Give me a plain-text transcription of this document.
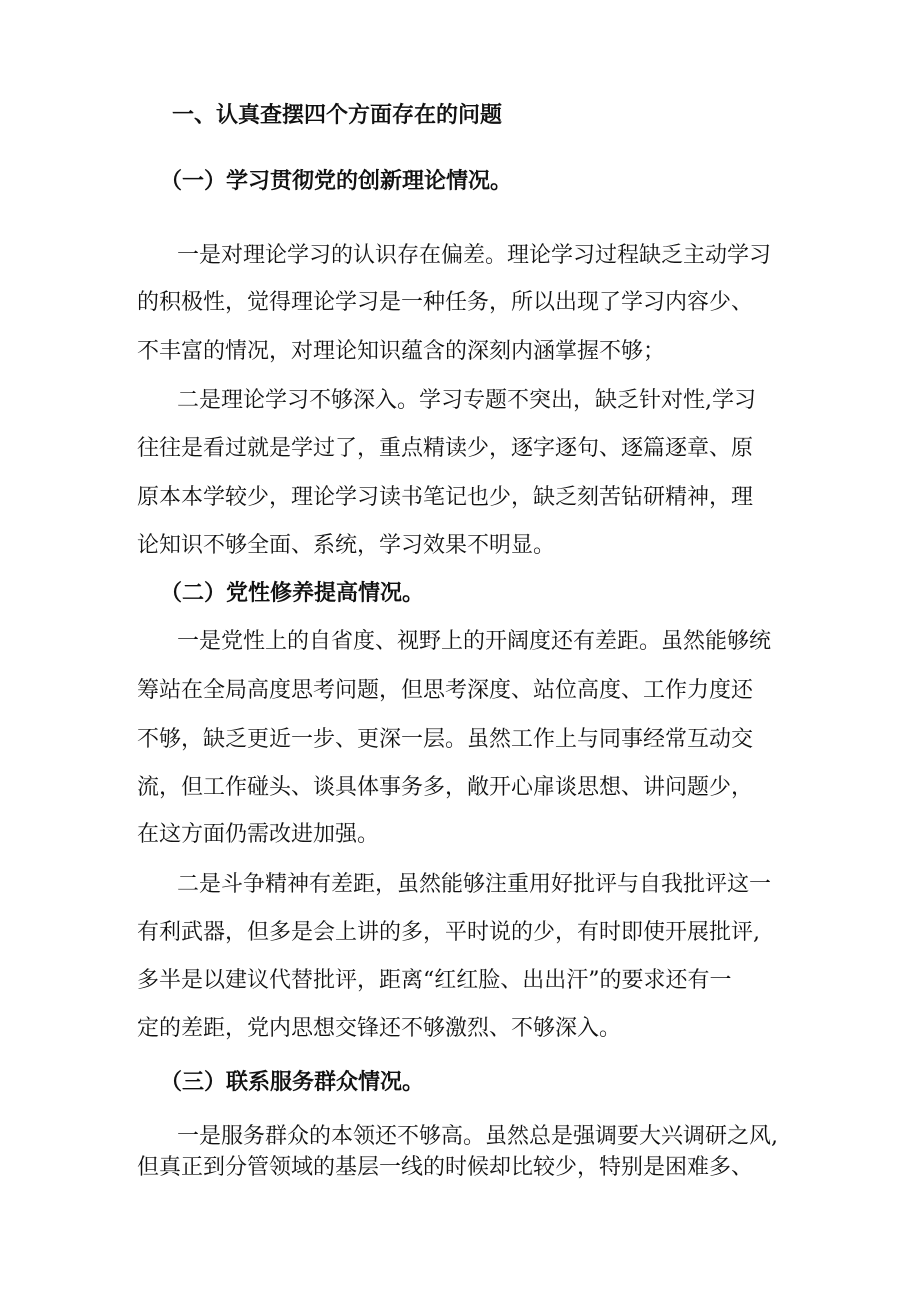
一、认真查摆四个方面存在的问题
（一）学习贯彻党的创新理论情况。
一是对理论学习的认识存在偏差。理论学习过程缺乏主动学习
的积极性，觉得理论学习是一种任务，所以出现了学习内容少、
不丰富的情况，对理论知识蕴含的深刻内涵掌握不够；
二是理论学习不够深入。学习专题不突出，缺乏针对性,学习
往往是看过就是学过了，重点精读少，逐字逐句、逐篇逐章、原
原本本学较少，理论学习读书笔记也少，缺乏刻苦钻研精神，理
论知识不够全面、系统，学习效果不明显。
（二）党性修养提高情况。
一是党性上的自省度、视野上的开阔度还有差距。虽然能够统
筹站在全局高度思考问题，但思考深度、站位高度、工作力度还
不够，缺乏更近一步、更深一层。虽然工作上与同事经常互动交
流，但工作碰头、谈具体事务多，敞开心扉谈思想、讲问题少，
在这方面仍需改进加强。
二是斗争精神有差距，虽然能够注重用好批评与自我批评这一
有利武器，但多是会上讲的多，平时说的少，有时即使开展批评,
多半是以建议代替批评，距离“红红脸、出出汗”的要求还有一
定的差距，党内思想交锋还不够激烈、不够深入。
（三）联系服务群众情况。
一是服务群众的本领还不够高。虽然总是强调要大兴调研之风,
但真正到分管领域的基层一线的时候却比较少，特别是困难多、
